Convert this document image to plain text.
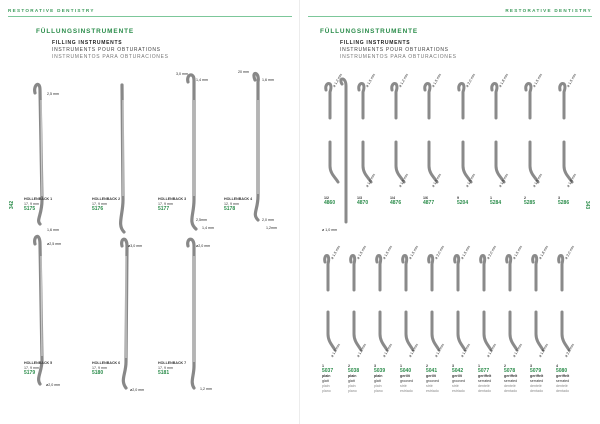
RESTORATIVE DENTISTRY
FÜLLUNGSINSTRUMENTE
FILLING INSTRUMENTS
INSTRUMENTS POUR OBTURATIONS
INSTRUMENTOS PARA OBTURACIONES
342
2,5 mm
3,0 mm
1,4 mm
20 mm
1,6 mm
1,6 mm
2,5mm
1,4 mm
2,0 mm
1,2mm
ø2,5 mm	ø3,0 mm	ø2,0 mm
ø2,0 mm
ø2,0 mm	1,2 mm
HOLLENBACK 1
17, 9 mm
5175
HOLLENBACK 2
17, 9 mm
5176
HOLLENBACK 3
17, 9 mm
5177
HOLLENBACK 4
12, 9 mm
5178
HOLLENBACK 5
17, 9 mm
5179
HOLLENBACK 6
17, 9 mm
5180
HOLLENBACK 7
17, 9 mm
5181
RESTORATIVE DENTISTRY
FÜLLUNGSINSTRUMENTE
FILLING INSTRUMENTS
INSTRUMENTS POUR OBTURATIONS
INSTRUMENTOS PARA OBTURACIONES
343
ø 1,2 mm
1/2
4860
ø 1,5 mm
ø 1,0 mm
1/3
4870
ø 1,2 mm
ø 1,5 mm
1/4
4876
ø 1,5 mm
ø 1,5 mm
1/6
4877
ø 2,0 mm
ø 1,5 mm
9
5204
ø 1,8 mm
ø 1,5 mm
1
5284
ø 1,5 mm
ø 1,5 mm
2
5285
ø 1,5 mm
ø 1,8 mm
3
5286
ø 1,0 mm
ø 1,5 mm
ø 1,2 mm
1
5037
plain
glatt
plain
plano
ø 1,5 mm
ø 1,2 mm
2
5038
plain
glatt
plain
plano
ø 1,5 mm
ø 1,2 mm
3
5039
plain
glatt
plain
plano
ø 1,5 mm
ø 1,5 mm
1
5040
gerillt
grooved
strié
estriado
ø 2,0 mm
ø 1,7 mm
2
5041
gerillt
grooved
strié
estriado
ø 1,5 mm
ø 1,5 mm
3
5042
gerillt
grooved
strié
estriado
ø 2,0 mm
ø 1,2 mm
1
5077
geriffelt
serrated
dentelé
dentado
ø 1,5 mm
ø 1,7 mm
2
5078
geriffelt
serrated
dentelé
dentado
ø 1,8 mm
ø 1,8 mm
3
5079
geriffelt
serrated
dentelé
dentado
ø 2,0 mm
ø 2,0 mm
4
5080
geriffelt
serrated
dentelé
dentado
